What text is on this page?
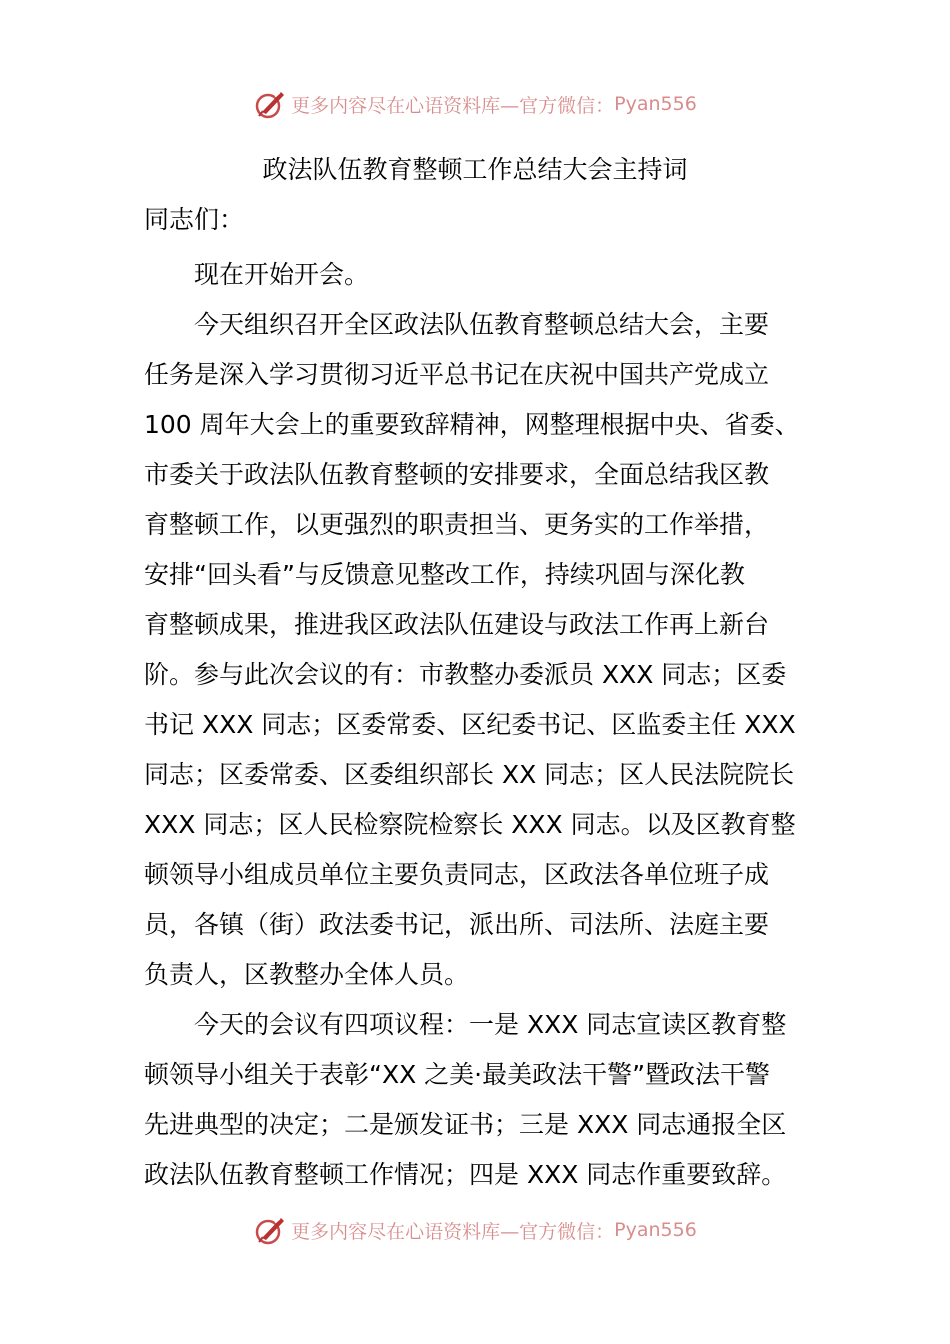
更多内容尽在心语资料库—官方微信： Pyan556
政法队伍教育整顿工作总结大会主持词
同志们：

现在开始开会。

今天组织召开全区政法队伍教育整顿总结大会，主要
任务是深入学习贯彻习近平总书记在庆祝中国共产党成立
100 周年大会上的重要致辞精神，网整理根据中央、省委、
市委关于政法队伍教育整顿的安排要求，全面总结我区教
育整顿工作，以更强烈的职责担当、更务实的工作举措，
安排“回头看”与反馈意见整改工作，持续巩固与深化教
育整顿成果，推进我区政法队伍建设与政法工作再上新台
阶。参与此次会议的有：市教整办委派员 XXX 同志；区委
书记 XXX 同志；区委常委、区纪委书记、区监委主任 XXX
同志；区委常委、区委组织部长 XX 同志；区人民法院院长
XXX 同志；区人民检察院检察长 XXX 同志。以及区教育整
顿领导小组成员单位主要负责同志，区政法各单位班子成
员，各镇（街）政法委书记，派出所、司法所、法庭主要
负责人，区教整办全体人员。

今天的会议有四项议程：一是 XXX 同志宣读区教育整
顿领导小组关于表彰“XX 之美·最美政法干警”暨政法干警
先进典型的决定；二是颁发证书；三是 XXX 同志通报全区
政法队伍教育整顿工作情况；四是 XXX 同志作重要致辞。

更多内容尽在心语资料库—官方微信： Pyan556
